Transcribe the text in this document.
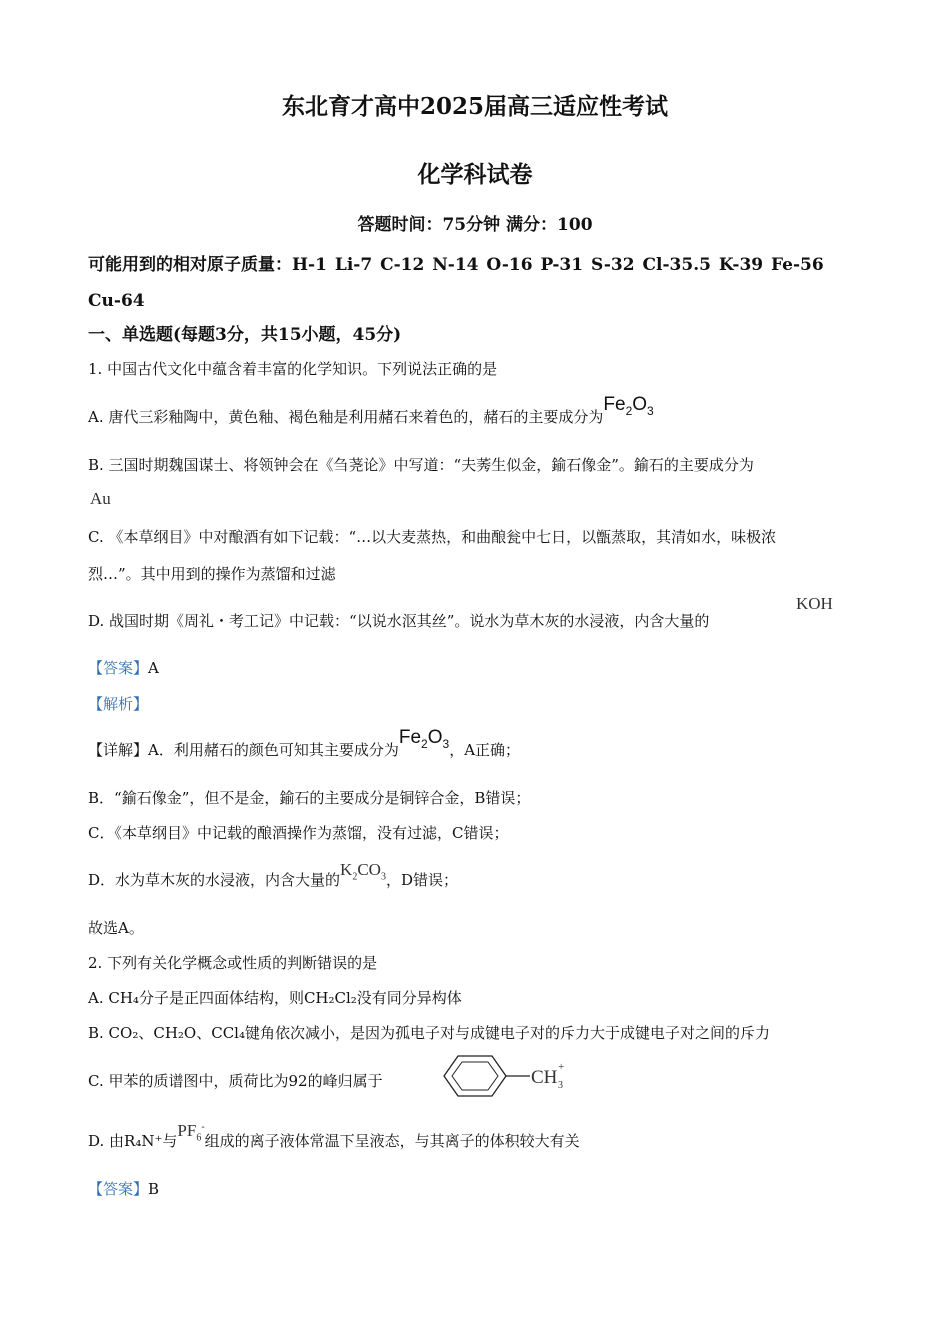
东北育才高中2025届高三适应性考试
化学科试卷
答题时间：75分钟 满分：100
可能用到的相对原子质量：H-1 Li-7 C-12 N-14 O-16 P-31 S-32 Cl-35.5 K-39 Fe-56 Cu-64
一、单选题(每题3分，共15小题，45分)
1. 中国古代文化中蕴含着丰富的化学知识。下列说法正确的是
A. 唐代三彩釉陶中，黄色釉、褐色釉是利用赭石来着色的，赭石的主要成分为$Fe_2O_3$
B. 三国时期魏国谋士、将领钟会在《刍荛论》中写道：“夫莠生似金，鍮石像金”。鍮石的主要成分为
Au
C. 《本草纲目》中对酿酒有如下记载：“…以大麦蒸热，和曲酿瓮中七日，以甑蒸取，其清如水，味极浓
烈…”。其中用到的操作为蒸馏和过滤
D. 战国时期《周礼・考工记》中记载：“以说水沤其丝”。说水为草木灰的水浸液，内含大量的
KOH
【答案】A
【解析】
【详解】A．利用赭石的颜色可知其主要成分为$Fe_2O_3$，A正确；
B．“鍮石像金”，但不是金，鍮石的主要成分是铜锌合金，B错误；
C．《本草纲目》中记载的酿酒操作为蒸馏，没有过滤，C错误；
D．水为草木灰的水浸液，内含大量的$K_2CO_3$，D错误；
故选A。
2. 下列有关化学概念或性质的判断错误的是
A. CH₄分子是正四面体结构，则CH₂Cl₂没有同分异构体
B. CO₂、CH₂O、CCl₄键角依次减小，是因为孤电子对与成键电子对的斥力大于成键电子对之间的斥力
C. 甲苯的质谱图中，质荷比为92的峰归属于	CH 3
+
D. 由R₄N⁺与$PF_6^-$组成的离子液体常温下呈液态，与其离子的体积较大有关
【答案】B
